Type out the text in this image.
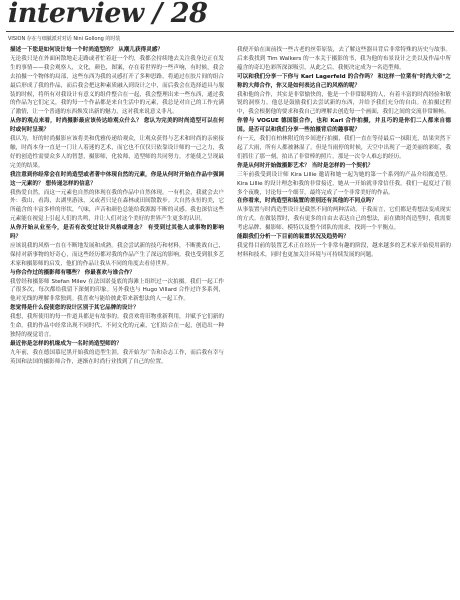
interview / 28
VISION 存在与细腻派对对话 Nini Gollong 的时装

描述一下您是如何设计每一个时尚造型的？ 从潮儿获得灵感？

无论我只是在外面闲散地走走路或者忙着赶一个约，我都会持续地去关注我身边正在发生的事情——我会观察人，文化，颜色，图案，存在着世界的一些声响，有时候，我会去拍摄一个物体的局部，这些东西为我的灵感打开了多种思路，将通过在胶片间的组合最后形成了我的作品，而后我会把这种素质融入到设计之中，而后我会在选择道具与服装的时候，将所有对我设计有意义的组件整合在一起，我会整理出来一些东西，通过我的作品为它们定义，我的每一个作品都是来自生活中的元素，我总是对自己的工作充满了激情，让一个普通的东西焕发出新的魅力，这对我来说意义非凡。

从你的观点来看，时尚摄影最应该传达给观众什么？ 您认为完美的时尚造型可以在何时或何时呈现？

我认为，好的时尚摄影应该将美和优雅传递给观众，让观众获得与艺术和时尚的亲密接触，时尚本身一直是一门让人着迷的艺术，而它也不仅仅只依靠设计师的一己之力，我好的创造性需要众多人的智慧，摄影师，化妆师，造型师的共同努力，才能使之呈现最完美的结果。

我注意到你经常会在时尚造型或者著中体现自然的元素，你是从何时开始在作品中强调这一元素的？ 想传递怎样的信息？

我热爱自然，而这一元素也自然的体现在我的作品中自然体现。一有机会，我就会去户外：我山，看海，去湖里游泳，又或者只是在森林或田间散散步。大自然永恒的美，它所蕴含的丰富多样的形状，气味，声音和颜色总能给我源源不断的灵感。我也深信这些元素能在视觉上引起人们的共鸣，并让人们对这个美好的世界产生更多的认识。

从你开始从业至今，是否有改变过设计风格或理念？ 有受到过其他人或事物的影响吗？

应该说我的风格一直在不断地发展和成熟。我会尝试新的技巧和材料，不断挑战自己，保持对新事物的好奇心，而这些经历都对我的作品产生了深远的影响。我也受到很多艺术家和摄影师的启发，他们的作品让我从不同的角度去看待世界。

与你合作过的摄影师有哪些？ 你最喜欢与谁合作？

我曾经和摄影师 Stefan Milev 在法国诺曼底的海滩上组织过一次拍摄。我们一起工作了很多次，每次都给我留下深刻的印象。另外我也与 Hugo Villard 合作过许多系列，他对光线的理解非常独到。我喜欢与能给彼此带来新想法的人一起工作。

您觉得是什么促使您的设计区别于其它品牌的设计？

我想，我所使用的每一件道具都是有故事的。我喜欢将旧物重新利用，并赋予它们新的生命。我的作品中经常出现不同时代、不同文化的元素，它们结合在一起，创造出一种独特的视觉语言。

最近你是怎样的机缘成为一名时尚造型师的？

九年前，我在德国慕尼黑开始我的造型生涯，我开始为广告和杂志工作，而后我有幸与英国和法国的摄影师合作，逐渐在时尚行业找到了自己的位置。

我便开始在面前找一些古老的丝带原装，去了解这些器具背后非常特殊的历史与故事。后来我找到 Tim Walkers 的一本关于摄影的书，我为他的布景设计之美以及作品中所蕴含的奇幻色彩所深深吸引，从此之后，我便决定成为一名造型师。

可以和我们分享一下你与 Karl Lagerfeld 的合作吗？ 和这样一位業有"时尚大帝"之称的大师合作，你又是如何表达自己的风格的呢？

我和他的合作，其实是非常愉快的，他是一个非常聪明的人，有着丰富的时尚经验和敏锐的洞察力。他总是鼓励我们去尝试新的东西，并给予我们充分的自由。在拍摄过程中，我会根据他的要求和我自己的理解去创造每一个画面，我们之间的交流非常顺畅。

你曾与 VOGUE 德国版合作，也和 Karl 合作拍摄，并且巧的是你们二人都来自德国。是否可以和我们分享一些拍摄背后的趣事呢？

有一天，我们在柏林附近的乡间进行拍摄，我们一直在等待最后一抹阳光，结果突然下起了大雨，所有人都被淋湿了。但是当雨停的时候，天空中出现了一道美丽的彩虹，我们抓住了那一刻，拍出了非常棒的照片，那是一次令人难忘的经历。

你是从何时开始做摄影艺术？ 当时是怎样的一个契机？

三年前我受到设计师 Kira Lillie 邀请和她一起为她的第一个系列的产品介绍做造型。Kira Lillie 的设计理念和我的非常接近，她从一开始就非常信任我，我们一起度过了很多个夜晚，讨论每一个细节，最终完成了一个非常美好的作品。

在你看来，时尚造型和装置的差别还有其他的不同点吗？

从事装置与时尚造型设计是截然不同的两种活动。于我而言，它们都是将想法变成现实的方式。在做装置时，我有更多的自由去表达自己的想法，而在做时尚造型时，我需要考虑品牌、摄影师、模特以及整个团队的需求，找到一个平衡点。

能跟我们分析一下目前的装置状况及趋势吗？

我觉得目前的装置艺术正在经历一个非常有趣的阶段，越来越多的艺术家开始使用新的材料和技术，同时也更加关注环境与可持续发展的问题。
